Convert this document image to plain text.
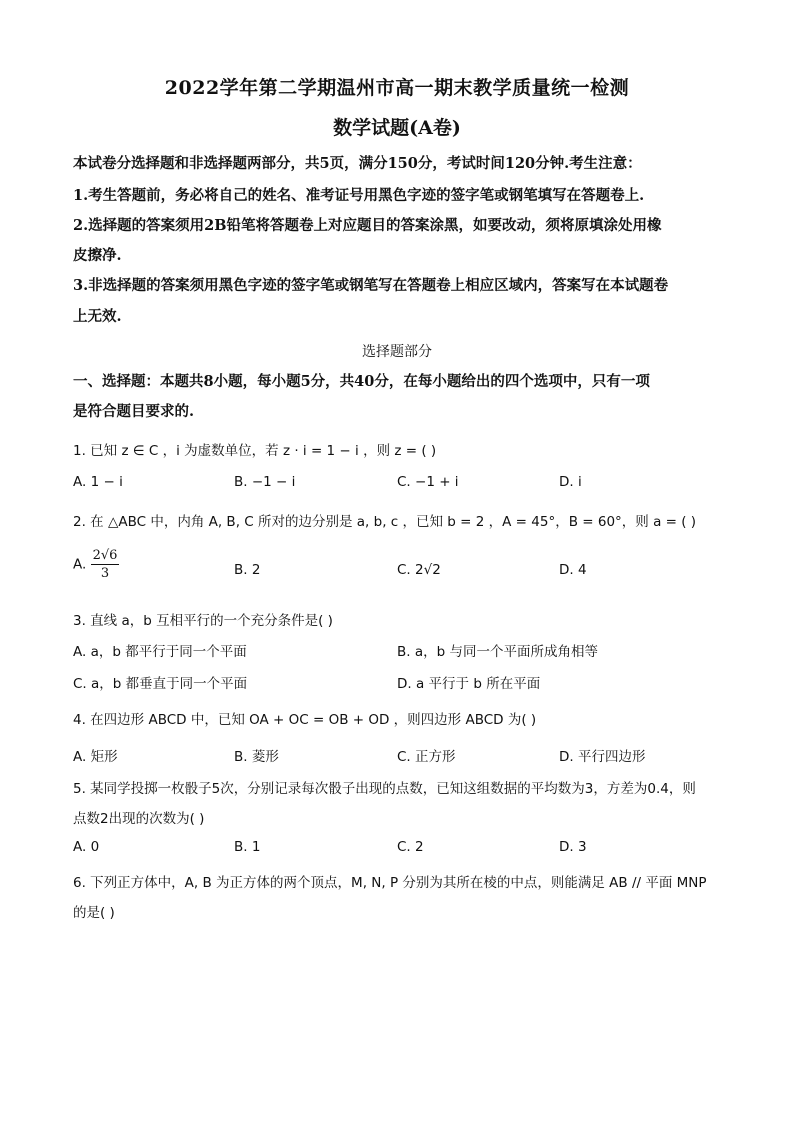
2022学年第二学期温州市高一期末教学质量统一检测
数学试题(A卷)
本试卷分选择题和非选择题两部分，共5页，满分150分，考试时间120分钟.考生注意：
1.考生答题前，务必将自己的姓名、准考证号用黑色字迹的签字笔或钢笔填写在答题卷上.
2.选择题的答案须用2B铅笔将答题卷上对应题目的答案涂黑，如要改动，须将原填涂处用橡
皮擦净.
3.非选择题的答案须用黑色字迹的签字笔或钢笔写在答题卷上相应区域内，答案写在本试题卷
上无效.
选择题部分
一、选择题：本题共8小题，每小题5分，共40分，在每小题给出的四个选项中，只有一项
是符合题目要求的.
1. 已知 z ∈ C ，i 为虚数单位，若 z · i = 1 − i ，则 z = ( )
A. 1 − i	B. −1 − i	C. −1 + i	D. i
2. 在 △ABC 中，内角 A, B, C 所对的边分别是 a, b, c ，已知 b = 2 ，A = 45°，B = 60°，则 a = ( )
A. $\frac{2√6}{3}$	B. 2	C. 2√2	D. 4
3. 直线 a，b 互相平行的一个充分条件是( )
A. a，b 都平行于同一个平面	B. a，b 与同一个平面所成角相等
C. a，b 都垂直于同一个平面	D. a 平行于 b 所在平面
4. 在四边形 ABCD 中，已知 OA + OC = OB + OD ，则四边形 ABCD 为( )
A. 矩形	B. 菱形	C. 正方形	D. 平行四边形
5. 某同学投掷一枚骰子5次，分别记录每次骰子出现的点数，已知这组数据的平均数为3，方差为0.4，则
点数2出现的次数为( )
A. 0	B. 1	C. 2	D. 3
6. 下列正方体中，A, B 为正方体的两个顶点，M, N, P 分别为其所在棱的中点，则能满足 AB // 平面 MNP
的是( )
